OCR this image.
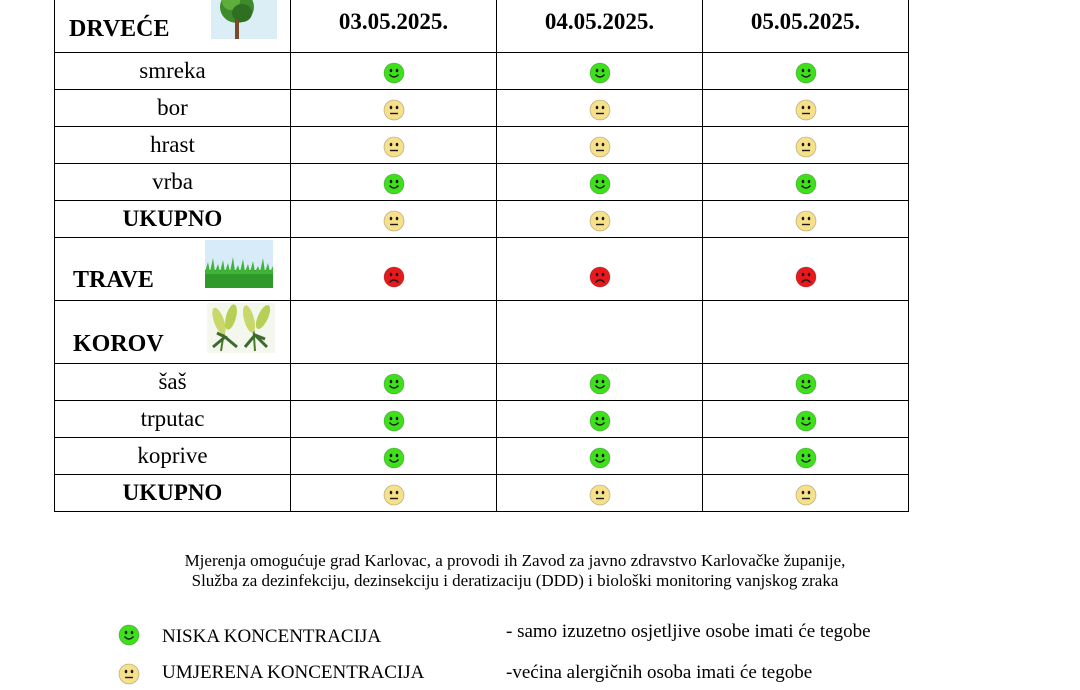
DRVEĆE	03.05.2025.	04.05.2025.	05.05.2025.
smreka			
bor			
hrast			
vrba			
UKUPNO			

TRAVE

KOROV			

šaš			
trputac			
koprive			
UKUPNO			
Mjerenja omogućuje grad Karlovac, a provodi ih Zavod za javno zdravstvo Karlovačke županije,
Služba za dezinfekciju, dezinsekciju i deratizaciju (DDD) i biološki monitoring vanjskog zraka
NISKA KONCENTRACIJA	- samo izuzetno osjetljive osobe imati će tegobe
UMJERENA KONCENTRACIJA	-većina alergičnih osoba imati će tegobe
